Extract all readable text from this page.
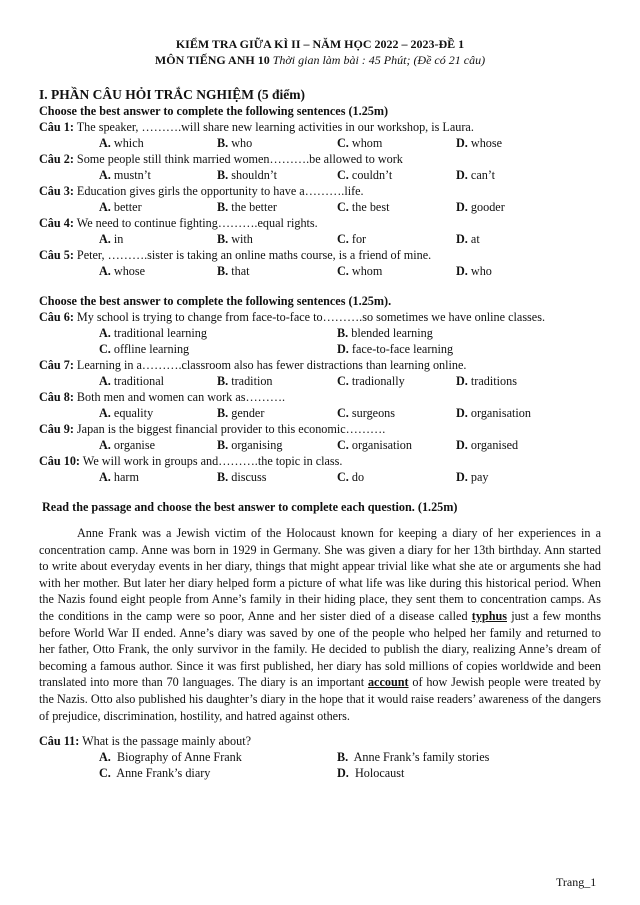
KIỂM TRA GIỮA KÌ II – NĂM HỌC 2022 – 2023-ĐỀ 1
MÔN TIẾNG ANH 10 Thời gian làm bài : 45 Phút; (Đề có 21 câu)
I. PHẦN CÂU HỎI TRẮC NGHIỆM (5 điểm)
Choose the best answer to complete the following sentences (1.25m)
Câu 1: The speaker, ……….will share new learning activities in our workshop, is Laura.
A. which	B. who	C. whom	D. whose
Câu 2: Some people still think married women……….be allowed to work
A. mustn’t	B. shouldn’t	C. couldn’t	D. can’t
Câu 3: Education gives girls the opportunity to have a……….life.
A. better	B. the better	C. the best	D. gooder
Câu 4: We need to continue fighting……….equal rights.
A. in	B. with	C. for	D. at
Câu 5: Peter, ……….sister is taking an online maths course, is a friend of mine.
A. whose	B. that	C. whom	D. who
Choose the best answer to complete the following sentences (1.25m).
Câu 6: My school is trying to change from face-to-face to……….so sometimes we have online classes.
A. traditional learning	B. blended learning
C. offline learning	D. face-to-face learning
Câu 7: Learning in a……….classroom also has fewer distractions than learning online.
A. traditional	B. tradition	C. tradionally	D. traditions
Câu 8: Both men and women can work as……….
A. equality	B. gender	C. surgeons	D. organisation
Câu 9: Japan is the biggest financial provider to this economic……….
A. organise	B. organising	C. organisation	D. organised
Câu 10: We will work in groups and……….the topic in class.
A. harm	B. discuss	C. do	D. pay
Read the passage and choose the best answer to complete each question. (1.25m)
Anne Frank was a Jewish victim of the Holocaust known for keeping a diary of her experiences in a concentration camp. Anne was born in 1929 in Germany. She was given a diary for her 13th birthday. Ann started to write about everyday events in her diary, things that might appear trivial like what she ate or arguments she had with her mother. But later her diary helped form a picture of what life was like during this historical period. When the Nazis found eight people from Anne’s family in their hiding place, they sent them to concentration camps. As the conditions in the camp were so poor, Anne and her sister died of a disease called typhus just a few months before World War II ended. Anne’s diary was saved by one of the people who helped her family and returned to her father, Otto Frank, the only survivor in the family. He decided to publish the diary, realizing Anne’s dream of becoming a famous author. Since it was first published, her diary has sold millions of copies worldwide and been translated into more than 70 languages. The diary is an important account of how Jewish people were treated by the Nazis. Otto also published his daughter’s diary in the hope that it would raise readers’ awareness of the dangers of prejudice, discrimination, hostility, and hatred against others.
Câu 11: What is the passage mainly about?
A. Biography of Anne Frank	B. Anne Frank’s family stories
C. Anne Frank’s diary	D. Holocaust
Trang_1
